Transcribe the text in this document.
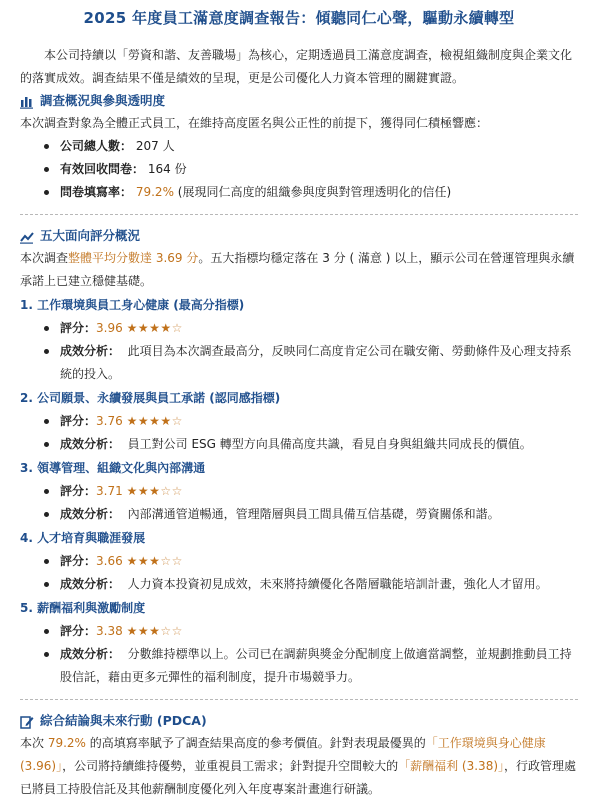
2025 年度員工滿意度調查報告：傾聽同仁心聲，驅動永續轉型

本公司持續以「勞資和諧、友善職場」為核心，定期透過員工滿意度調查，檢視組織制度與企業文化的落實成效。調查結果不僅是績效的呈現，更是公司優化人力資本管理的關鍵實證。

調查概況與參與透明度

本次調查對象為全體正式員工，在維持高度匿名與公正性的前提下，獲得同仁積極響應：

公司總人數： 207 人
有效回收問卷： 164 份
問卷填寫率： 79.2% (展現同仁高度的組織參與度與對管理透明化的信任)
五大面向評分概況

本次調查整體平均分數達 3.69 分。五大指標均穩定落在 3 分 ( 滿意 ) 以上，顯示公司在營運管理與永續承諾上已建立穩健基礎。

1. 工作環境與員工身心健康 (最高分指標)

評分：3.96 ★★★★☆
成效分析： 此項目為本次調查最高分，反映同仁高度肯定公司在職安衛、勞動條件及心理支持系統的投入。

2. 公司願景、永續發展與員工承諾 (認同感指標)

評分：3.76 ★★★★☆
成效分析： 員工對公司 ESG 轉型方向具備高度共識，看見自身與組織共同成長的價值。

3. 領導管理、組織文化與內部溝通

評分：3.71 ★★★☆☆
成效分析： 內部溝通管道暢通，管理階層與員工間具備互信基礎，勞資關係和諧。

4. 人才培育與職涯發展

評分：3.66 ★★★☆☆
成效分析： 人力資本投資初見成效，未來將持續優化各階層職能培訓計畫，強化人才留用。

5. 薪酬福利與激勵制度

評分：3.38 ★★★☆☆
成效分析： 分數維持標準以上。公司已在調薪與獎金分配制度上做適當調整，並規劃推動員工持股信託，藉由更多元彈性的福利制度，提升市場競爭力。
綜合結論與未來行動 (PDCA)

本次 79.2% 的高填寫率賦予了調查結果高度的參考價值。針對表現最優異的「工作環境與身心健康 (3.96)」，公司將持續維持優勢，並重視員工需求；針對提升空間較大的「薪酬福利 (3.38)」，行政管理處已將員工持股信託及其他薪酬制度優化列入年度專案計畫進行研議。
